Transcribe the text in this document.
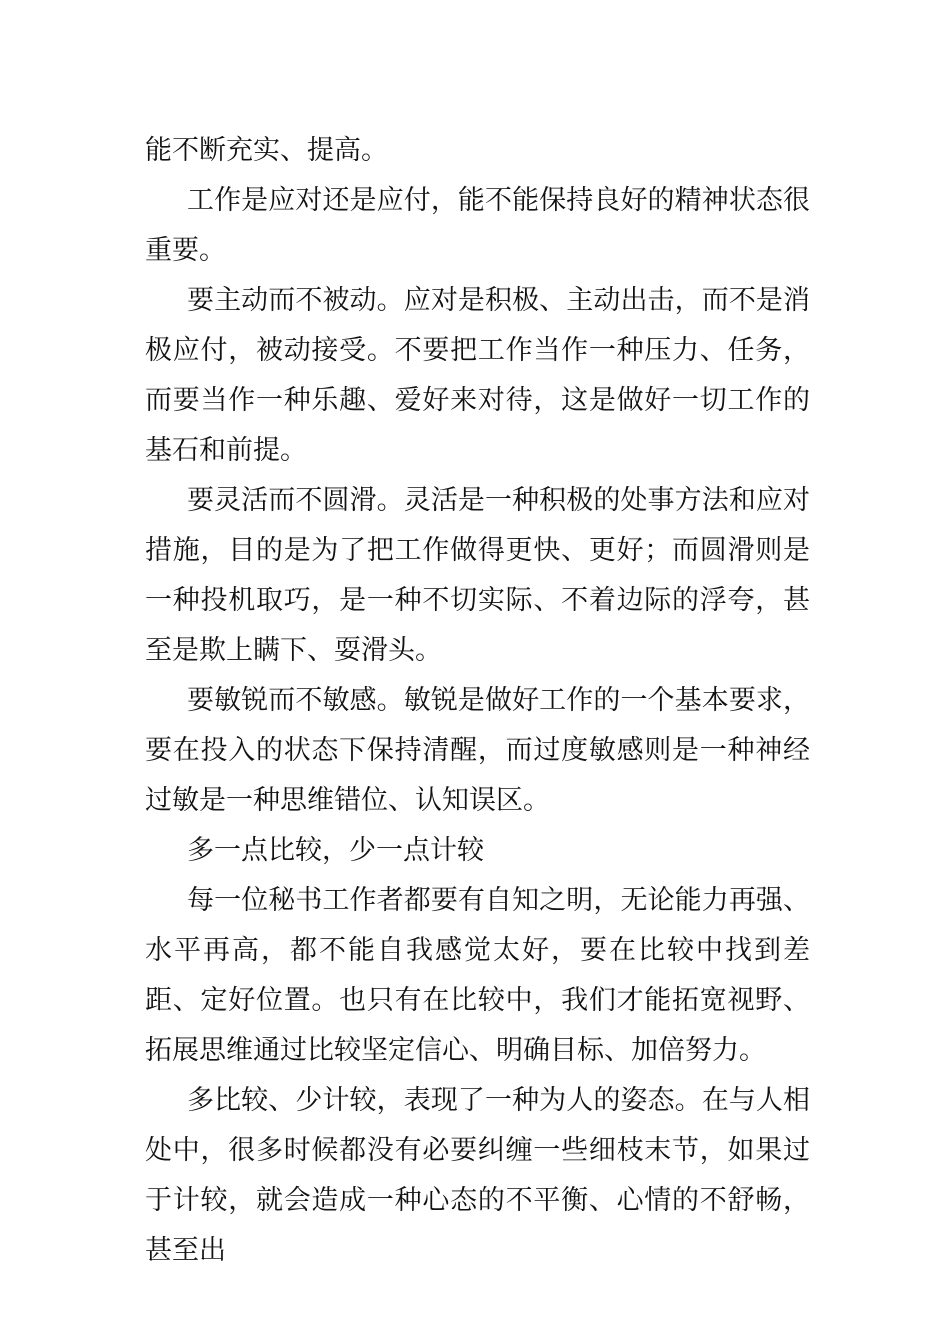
能不断充实、提高。

工作是应对还是应付，能不能保持良好的精神状态很重要。

要主动而不被动。应对是积极、主动出击，而不是消极应付，被动接受。不要把工作当作一种压力、任务，而要当作一种乐趣、爱好来对待，这是做好一切工作的基石和前提。

要灵活而不圆滑。灵活是一种积极的处事方法和应对措施，目的是为了把工作做得更快、更好；而圆滑则是一种投机取巧，是一种不切实际、不着边际的浮夸，甚至是欺上瞒下、耍滑头。

要敏锐而不敏感。敏锐是做好工作的一个基本要求，要在投入的状态下保持清醒，而过度敏感则是一种神经过敏是一种思维错位、认知误区。

多一点比较，少一点计较

每一位秘书工作者都要有自知之明，无论能力再强、水平再高，都不能自我感觉太好，要在比较中找到差距、定好位置。也只有在比较中，我们才能拓宽视野、拓展思维通过比较坚定信心、明确目标、加倍努力。

多比较、少计较，表现了一种为人的姿态。在与人相处中，很多时候都没有必要纠缠一些细枝末节，如果过于计较，就会造成一种心态的不平衡、心情的不舒畅，甚至出
